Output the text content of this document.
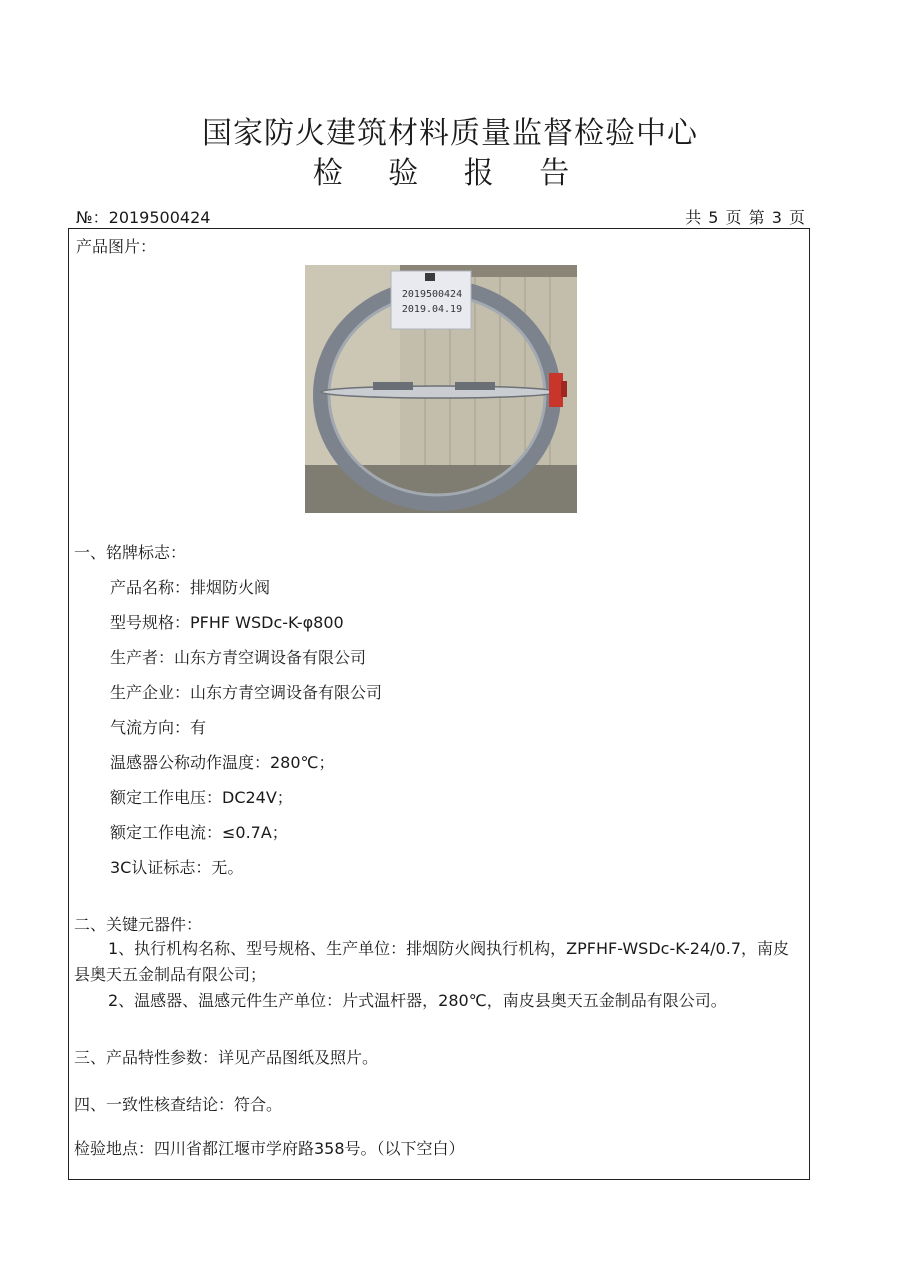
国家防火建筑材料质量监督检验中心
检 验 报 告
№：2019500424	共 5 页 第 3 页
产品图片：
2019500424
2019.04.19
一、铭牌标志：
产品名称：排烟防火阀
型号规格：PFHF WSDc-K-φ800
生产者：山东方青空调设备有限公司
生产企业：山东方青空调设备有限公司
气流方向：有
温感器公称动作温度：280℃；
额定工作电压：DC24V；
额定工作电流：≤0.7A；
3C认证标志：无。
二、关键元器件：
1、执行机构名称、型号规格、生产单位：排烟防火阀执行机构，ZPFHF-WSDc-K-24/0.7，南皮县奥天五金制品有限公司；
2、温感器、温感元件生产单位：片式温杆器，280℃，南皮县奥天五金制品有限公司。
三、产品特性参数：详见产品图纸及照片。
四、一致性核查结论：符合。
检验地点：四川省都江堰市学府路358号。（以下空白）
